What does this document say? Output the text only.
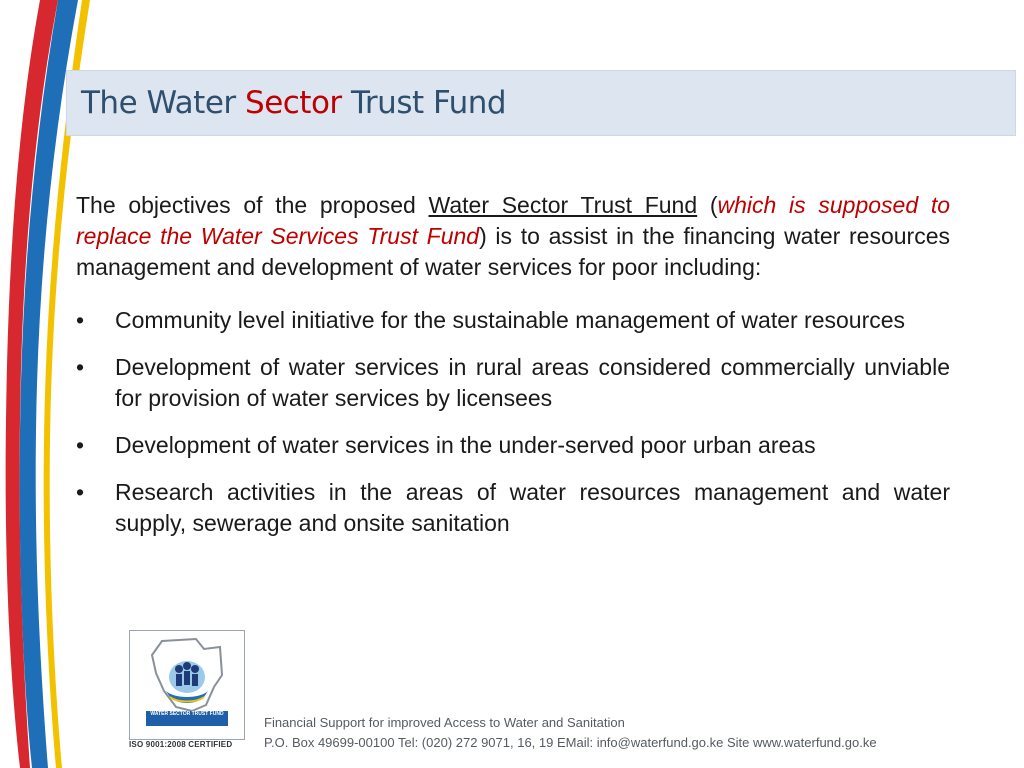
The Water Sector Trust Fund

The objectives of the proposed Water Sector Trust Fund (which is supposed to replace the Water Services Trust Fund) is to assist in the financing water resources management and development of water services for poor including:

• Community level initiative for the sustainable management of water resources
• Development of water services in rural areas considered commercially unviable for provision of water services by licensees
• Development of water services in the under-served poor urban areas
• Research activities in the areas of water resources management and water supply, sewerage and onsite sanitation
WATER SECTOR TRUST FUND
ISO 9001:2008 CERTIFIED
Financial Support for improved Access to Water and Sanitation
P.O. Box 49699-00100 Tel: (020) 272 9071, 16, 19 EMail: info@waterfund.go.ke Site www.waterfund.go.ke
